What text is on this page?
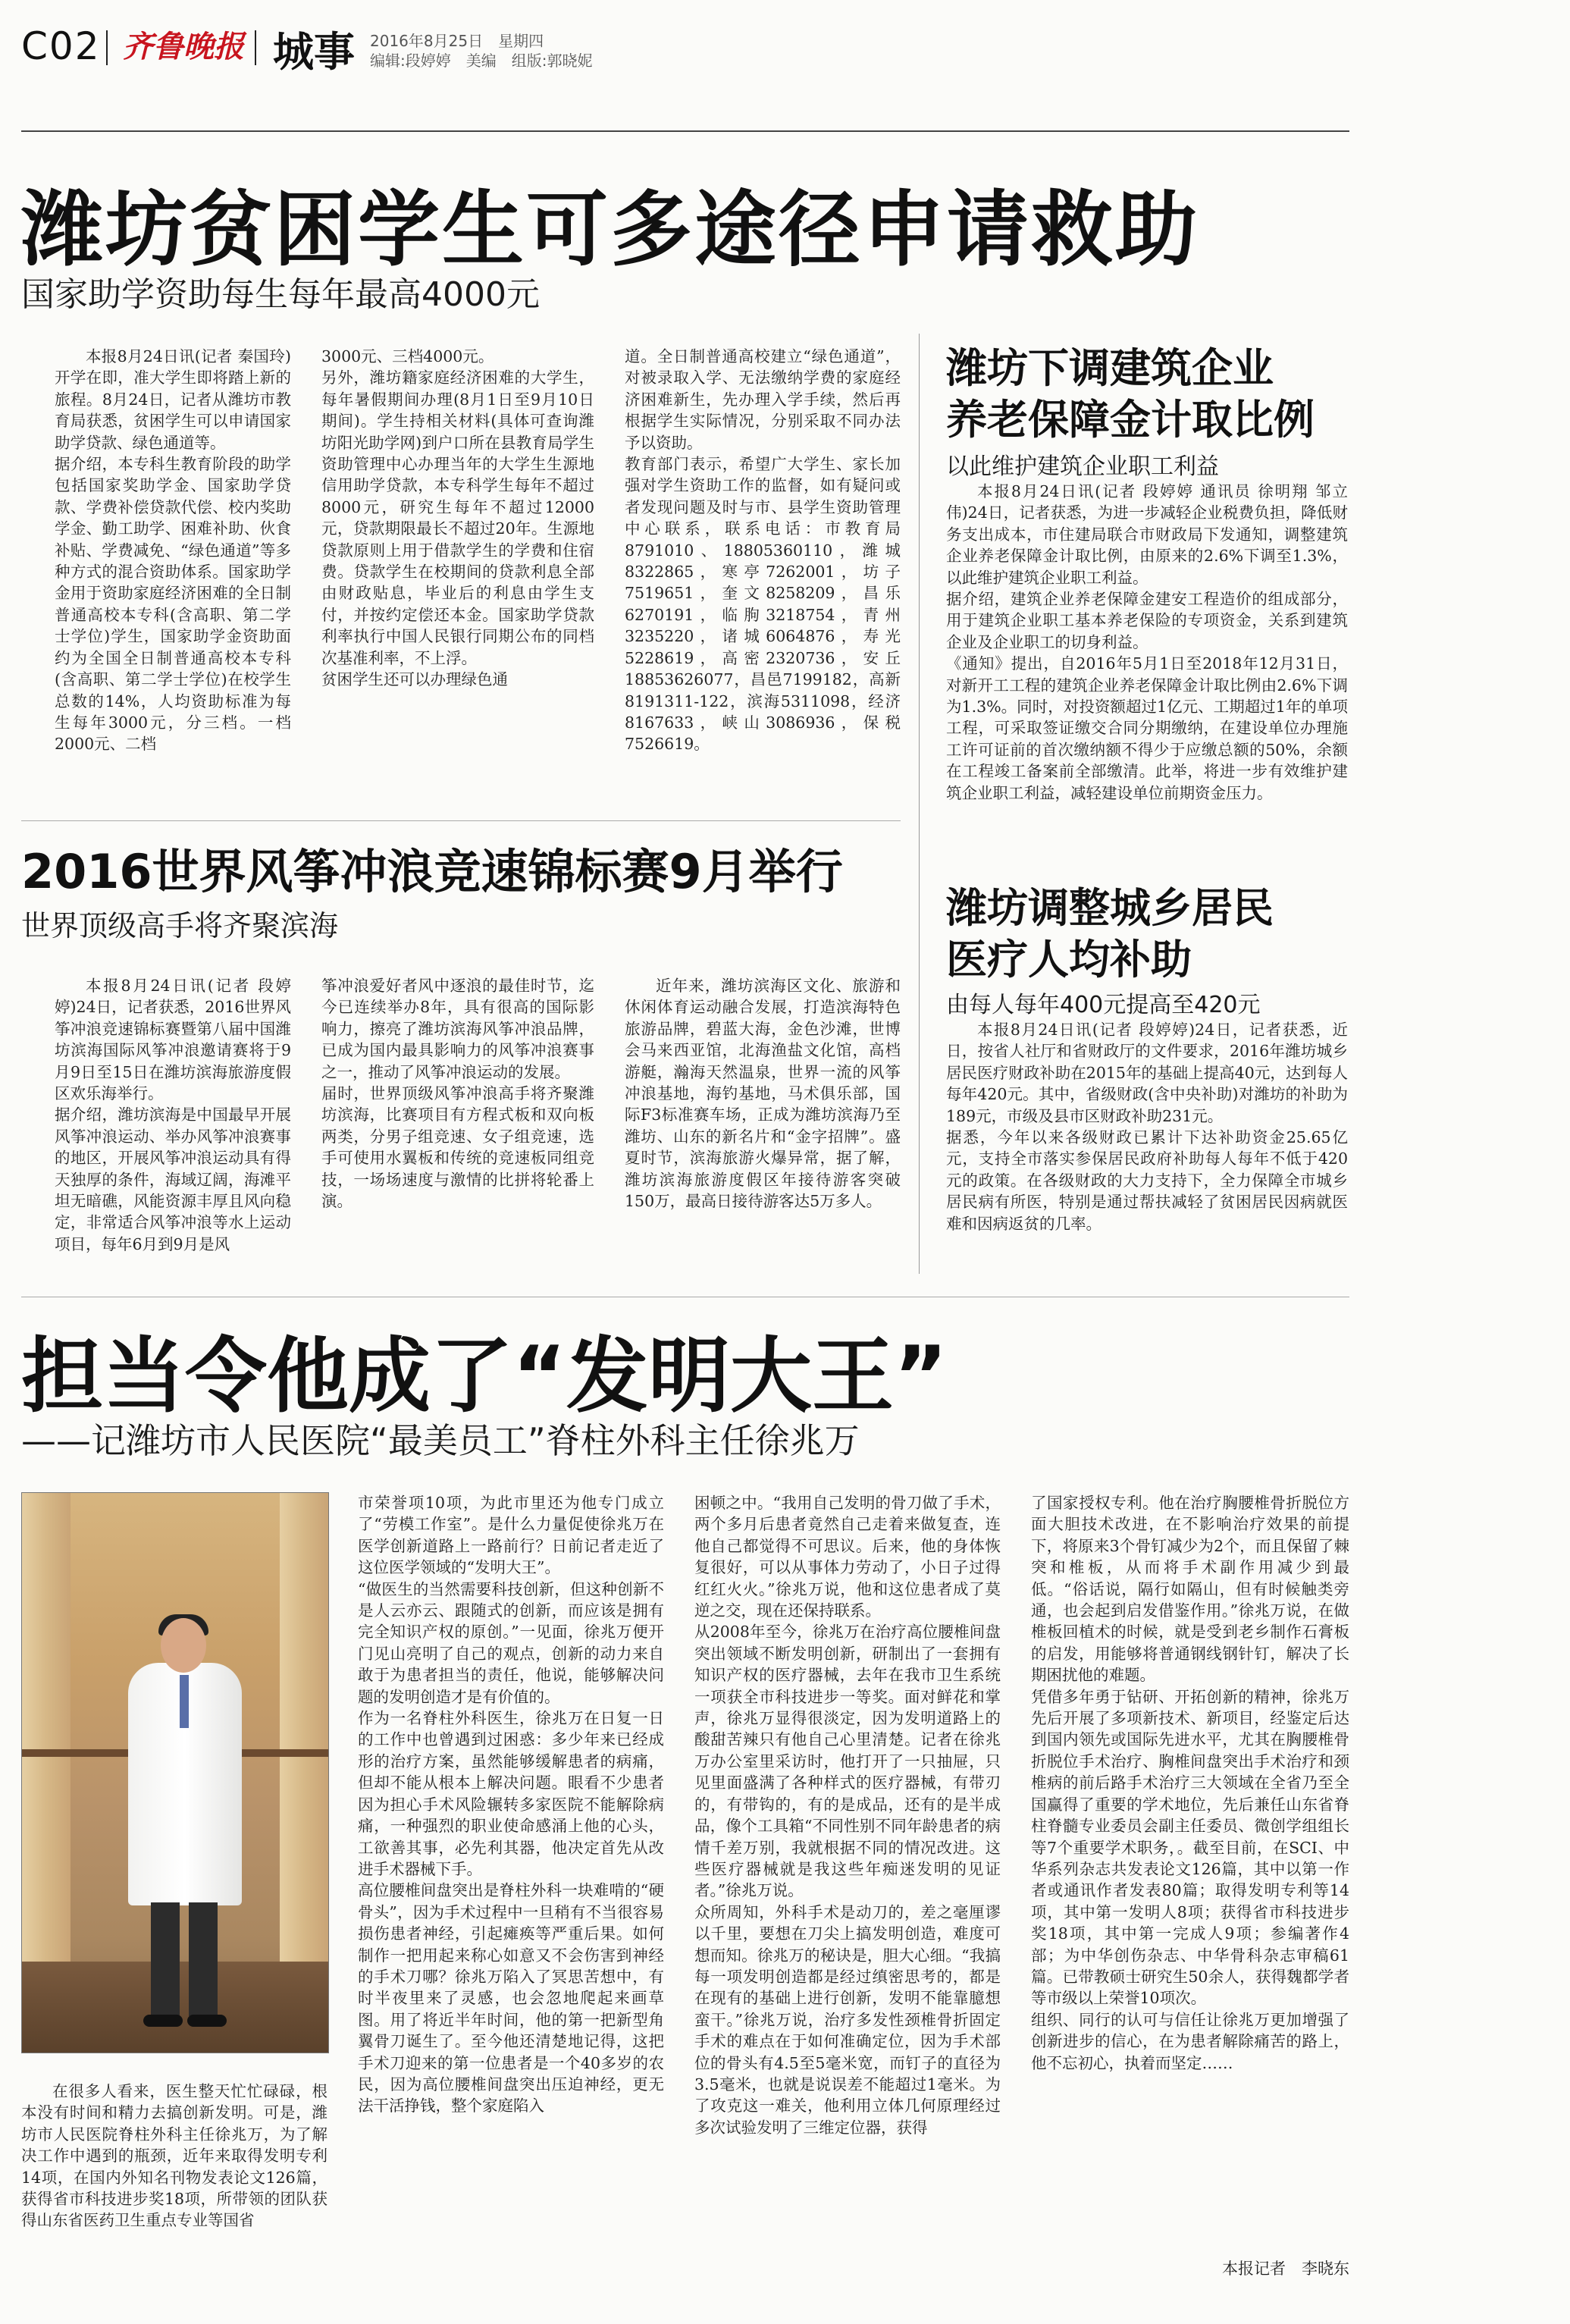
C02 齐鲁晚报 城事 2016年8月25日　星期四
编辑:段婷婷　美编　组版:郭晓妮
潍坊贫困学生可多途径申请救助
国家助学资助每生每年最高4000元

本报8月24日讯(记者 秦国玲)开学在即，准大学生即将踏上新的旅程。8月24日，记者从潍坊市教育局获悉，贫困学生可以申请国家助学贷款、绿色通道等。
据介绍，本专科生教育阶段的助学包括国家奖助学金、国家助学贷款、学费补偿贷款代偿、校内奖助学金、勤工助学、困难补助、伙食补贴、学费减免、“绿色通道”等多种方式的混合资助体系。国家助学金用于资助家庭经济困难的全日制普通高校本专科(含高职、第二学士学位)学生，国家助学金资助面约为全国全日制普通高校本专科(含高职、第二学士学位)在校学生总数的14%，人均资助标准为每生每年3000元，分三档。一档2000元、二档

3000元、三档4000元。
另外，潍坊籍家庭经济困难的大学生，每年暑假期间办理(8月1日至9月10日期间)。学生持相关材料(具体可查询潍坊阳光助学网)到户口所在县教育局学生资助管理中心办理当年的大学生生源地信用助学贷款，本专科学生每年不超过8000元，研究生每年不超过12000元，贷款期限最长不超过20年。生源地贷款原则上用于借款学生的学费和住宿费。贷款学生在校期间的贷款利息全部由财政贴息，毕业后的利息由学生支付，并按约定偿还本金。国家助学贷款利率执行中国人民银行同期公布的同档次基准利率，不上浮。
贫困学生还可以办理绿色通

道。全日制普通高校建立“绿色通道”，对被录取入学、无法缴纳学费的家庭经济困难新生，先办理入学手续，然后再根据学生实际情况，分别采取不同办法予以资助。
教育部门表示，希望广大学生、家长加强对学生资助工作的监督，如有疑问或者发现问题及时与市、县学生资助管理中心联系，联系电话：市教育局8791010、18805360110，潍城8322865，寒亭7262001，坊子7519651，奎文8258209，昌乐6270191，临朐3218754，青州3235220，诸城6064876，寿光5228619，高密2320736，安丘18853626077，昌邑7199182，高新8191311-122，滨海5311098，经济8167633，峡山3086936，保税7526619。

潍坊下调建筑企业
养老保障金计取比例
以此维护建筑企业职工利益

本报8月24日讯(记者 段婷婷 通讯员 徐明翔 邹立伟)24日，记者获悉，为进一步减轻企业税费负担，降低财务支出成本，市住建局联合市财政局下发通知，调整建筑企业养老保障金计取比例，由原来的2.6%下调至1.3%，以此维护建筑企业职工利益。
据介绍，建筑企业养老保障金建安工程造价的组成部分，用于建筑企业职工基本养老保险的专项资金，关系到建筑企业及企业职工的切身利益。
《通知》提出，自2016年5月1日至2018年12月31日，对新开工工程的建筑企业养老保障金计取比例由2.6%下调为1.3%。同时，对投资额超过1亿元、工期超过1年的单项工程，可采取签证缴交合同分期缴纳，在建设单位办理施工许可证前的首次缴纳额不得少于应缴总额的50%，余额在工程竣工备案前全部缴清。此举，将进一步有效维护建筑企业职工利益，减轻建设单位前期资金压力。

2016世界风筝冲浪竞速锦标赛9月举行
世界顶级高手将齐聚滨海

本报8月24日讯(记者 段婷婷)24日，记者获悉，2016世界风筝冲浪竞速锦标赛暨第八届中国潍坊滨海国际风筝冲浪邀请赛将于9月9日至15日在潍坊滨海旅游度假区欢乐海举行。
据介绍，潍坊滨海是中国最早开展风筝冲浪运动、举办风筝冲浪赛事的地区，开展风筝冲浪运动具有得天独厚的条件，海域辽阔，海滩平坦无暗礁，风能资源丰厚且风向稳定，非常适合风筝冲浪等水上运动项目，每年6月到9月是风

筝冲浪爱好者风中逐浪的最佳时节，迄今已连续举办8年，具有很高的国际影响力，擦亮了潍坊滨海风筝冲浪品牌，已成为国内最具影响力的风筝冲浪赛事之一，推动了风筝冲浪运动的发展。
届时，世界顶级风筝冲浪高手将齐聚潍坊滨海，比赛项目有方程式板和双向板两类，分男子组竞速、女子组竞速，选手可使用水翼板和传统的竞速板同组竞技，一场场速度与激情的比拼将轮番上演。

近年来，潍坊滨海区文化、旅游和休闲体育运动融合发展，打造滨海特色旅游品牌，碧蓝大海，金色沙滩，世博会马来西亚馆，北海渔盐文化馆，高档游艇，瀚海天然温泉，世界一流的风筝冲浪基地，海钓基地，马术俱乐部，国际F3标准赛车场，正成为潍坊滨海乃至潍坊、山东的新名片和“金字招牌”。盛夏时节，滨海旅游火爆异常，据了解，潍坊滨海旅游度假区年接待游客突破150万，最高日接待游客达5万多人。

潍坊调整城乡居民
医疗人均补助
由每人每年400元提高至420元

本报8月24日讯(记者 段婷婷)24日，记者获悉，近日，按省人社厅和省财政厅的文件要求，2016年潍坊城乡居民医疗财政补助在2015年的基础上提高40元，达到每人每年420元。其中，省级财政(含中央补助)对潍坊的补助为189元，市级及县市区财政补助231元。
据悉，今年以来各级财政已累计下达补助资金25.65亿元，支持全市落实参保居民政府补助每人每年不低于420元的政策。在各级财政的大力支持下，全力保障全市城乡居民病有所医，特别是通过帮扶减轻了贫困居民因病就医难和因病返贫的几率。

担当令他成了“发明大王”
——记潍坊市人民医院“最美员工”脊柱外科主任徐兆万

在很多人看来，医生整天忙忙碌碌，根本没有时间和精力去搞创新发明。可是，潍坊市人民医院脊柱外科主任徐兆万，为了解决工作中遇到的瓶颈，近年来取得发明专利14项，在国内外知名刊物发表论文126篇，获得省市科技进步奖18项，所带领的团队获得山东省医药卫生重点专业等国省

市荣誉项10项，为此市里还为他专门成立了“劳模工作室”。是什么力量促使徐兆万在医学创新道路上一路前行？日前记者走近了这位医学领域的“发明大王”。
“做医生的当然需要科技创新，但这种创新不是人云亦云、跟随式的创新，而应该是拥有完全知识产权的原创。”一见面，徐兆万便开门见山亮明了自己的观点，创新的动力来自敢于为患者担当的责任，他说，能够解决问题的发明创造才是有价值的。
作为一名脊柱外科医生，徐兆万在日复一日的工作中也曾遇到过困惑：多少年来已经成形的治疗方案，虽然能够缓解患者的病痛，但却不能从根本上解决问题。眼看不少患者因为担心手术风险辗转多家医院不能解除病痛，一种强烈的职业使命感涌上他的心头，工欲善其事，必先利其器，他决定首先从改进手术器械下手。
高位腰椎间盘突出是脊柱外科一块难啃的“硬骨头”，因为手术过程中一旦稍有不当很容易损伤患者神经，引起瘫痪等严重后果。如何制作一把用起来称心如意又不会伤害到神经的手术刀哪？徐兆万陷入了冥思苦想中，有时半夜里来了灵感，也会忽地爬起来画草图。用了将近半年时间，他的第一把新型角翼骨刀诞生了。至今他还清楚地记得，这把手术刀迎来的第一位患者是一个40多岁的农民，因为高位腰椎间盘突出压迫神经，更无法干活挣钱，整个家庭陷入

困顿之中。“我用自己发明的骨刀做了手术，两个多月后患者竟然自己走着来做复查，连他自己都觉得不可思议。后来，他的身体恢复很好，可以从事体力劳动了，小日子过得红红火火。”徐兆万说，他和这位患者成了莫逆之交，现在还保持联系。
从2008年至今，徐兆万在治疗高位腰椎间盘突出领域不断发明创新，研制出了一套拥有知识产权的医疗器械，去年在我市卫生系统一项获全市科技进步一等奖。面对鲜花和掌声，徐兆万显得很淡定，因为发明道路上的酸甜苦辣只有他自己心里清楚。记者在徐兆万办公室里采访时，他打开了一只抽屉，只见里面盛满了各种样式的医疗器械，有带刃的，有带钩的，有的是成品，还有的是半成品，像个工具箱“不同性别不同年龄患者的病情千差万别，我就根据不同的情况改进。这些医疗器械就是我这些年痴迷发明的见证者。”徐兆万说。
众所周知，外科手术是动刀的，差之毫厘谬以千里，要想在刀尖上搞发明创造，难度可想而知。徐兆万的秘诀是，胆大心细。“我搞每一项发明创造都是经过缜密思考的，都是在现有的基础上进行创新，发明不能靠臆想蛮干。”徐兆万说，治疗多发性颈椎骨折固定手术的难点在于如何准确定位，因为手术部位的骨头有4.5至5毫米宽，而钉子的直径为3.5毫米，也就是说误差不能超过1毫米。为了攻克这一难关，他利用立体几何原理经过多次试验发明了三维定位器，获得

了国家授权专利。他在治疗胸腰椎骨折脱位方面大胆技术改进，在不影响治疗效果的前提下，将原来3个骨钉减少为2个，而且保留了棘突和椎板，从而将手术副作用减少到最低。“俗话说，隔行如隔山，但有时候触类旁通，也会起到启发借鉴作用。”徐兆万说，在做椎板回植术的时候，就是受到老乡制作石膏板的启发，用能够将普通钢线钢针钉，解决了长期困扰他的难题。
凭借多年勇于钻研、开拓创新的精神，徐兆万先后开展了多项新技术、新项目，经鉴定后达到国内领先或国际先进水平，尤其在胸腰椎骨折脱位手术治疗、胸椎间盘突出手术治疗和颈椎病的前后路手术治疗三大领域在全省乃至全国赢得了重要的学术地位，先后兼任山东省脊柱脊髓专业委员会副主任委员、微创学组组长等7个重要学术职务，。截至目前，在SCI、中华系列杂志共发表论文126篇，其中以第一作者或通讯作者发表80篇；取得发明专利等14项，其中第一发明人8项；获得省市科技进步奖18项，其中第一完成人9项；参编著作4部；为中华创伤杂志、中华骨科杂志审稿61篇。已带教硕士研究生50余人，获得魏都学者等市级以上荣誉10项次。
组织、同行的认可与信任让徐兆万更加增强了创新进步的信心，在为患者解除痛苦的路上，他不忘初心，执着而坚定……

本报记者　李晓东
